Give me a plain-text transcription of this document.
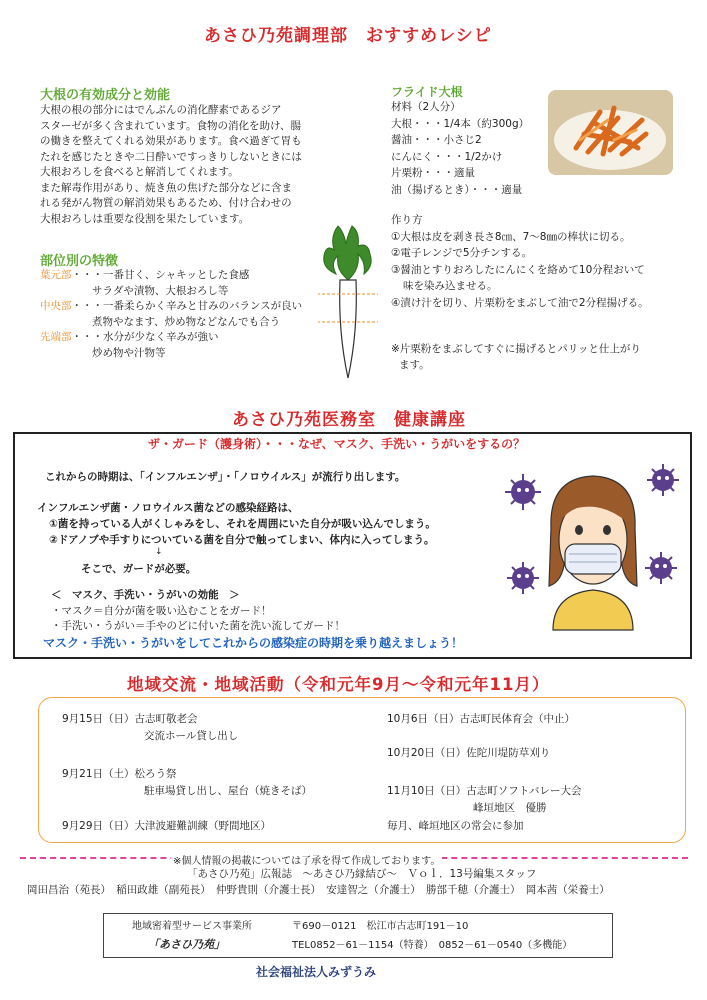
あさひ乃苑調理部　おすすめレシピ
大根の有効成分と効能
大根の根の部分にはでんぷんの消化酵素であるジア
スターゼが多く含まれています。食物の消化を助け、腸
の働きを整えてくれる効果があります。食べ過ぎて胃も
たれを感じたときや二日酔いですっきりしないときには
大根おろしを食べると解消してくれます。
また解毒作用があり、焼き魚の焦げた部分などに含ま
れる発がん物質の解消効果もあるため、付け合わせの
大根おろしは重要な役割を果たしています。
部位別の特徴
葉元部・・・一番甘く、シャキッとした食感
サラダや漬物、大根おろし等
中央部・・・一番柔らかく辛みと甘みのバランスが良い
煮物やなます、炒め物などなんでも合う
先端部・・・水分が少なく辛みが強い
炒め物や汁物等
フライド大根
材料（2人分）
大根・・・1/4本（約300g）
醤油・・・小さじ2
にんにく・・・1/2かけ
片栗粉・・・適量
油（揚げるとき）・・・適量
作り方
①大根は皮を剥き長さ8㎝、7～8㎜の棒状に切る。
②電子レンジで5分チンする。
③醤油とすりおろしたにんにくを絡めて10分程おいて
味を染み込ませる。
④漬け汁を切り、片栗粉をまぶして油で2分程揚げる。
※片栗粉をまぶしてすぐに揚げるとパリッと仕上がり
ます。
あさひ乃苑医務室　健康講座
ザ・ガード（護身術）・・・なぜ、マスク、手洗い・うがいをするの？
これからの時期は、「インフルエンザ」・「ノロウイルス」が流行り出します。
インフルエンザ菌・ノロウイルス菌などの感染経路は、
①菌を持っている人がくしゃみをし、それを周囲にいた自分が吸い込んでしまう。
②ドアノブや手すりについている菌を自分で触ってしまい、体内に入ってしまう。
↓
そこで、ガードが必要。
＜　マスク、手洗い・うがいの効能　＞
・マスク＝自分が菌を吸い込むことをガード！
・手洗い・うがい＝手やのどに付いた菌を洗い流してガード！
マスク・手洗い・うがいをしてこれからの感染症の時期を乗り越えましょう！
地域交流・地域活動（令和元年9月～令和元年11月）
9月15日（日）古志町敬老会
交流ホール貸し出し
9月21日（土）松ろう祭
駐車場貸し出し、屋台（焼きそば）
9月29日（日）大津波避難訓練（野間地区）
10月6日（日）古志町民体育会（中止）
10月20日（日）佐陀川堤防草刈り
11月10日（日）古志町ソフトバレー大会
峰垣地区　優勝
毎月、峰垣地区の常会に参加
※個人情報の掲載については了承を得て作成しております。
「あさひ乃苑」広報誌　～あさひ乃縁結び～　Ｖｏｌ．13号編集スタッフ
岡田昌治（苑長）　稲田政雄（副苑長）　仲野貴則（介護士長）　安達智之（介護士）　勝部千穂（介護士）　岡本茜（栄養士）
地域密着型サービス事業所
「あさひ乃苑」
〒690－0121　松江市古志町191－10
TEL0852－61－1154（特養）　0852－61－0540（多機能）
社会福祉法人みずうみ
